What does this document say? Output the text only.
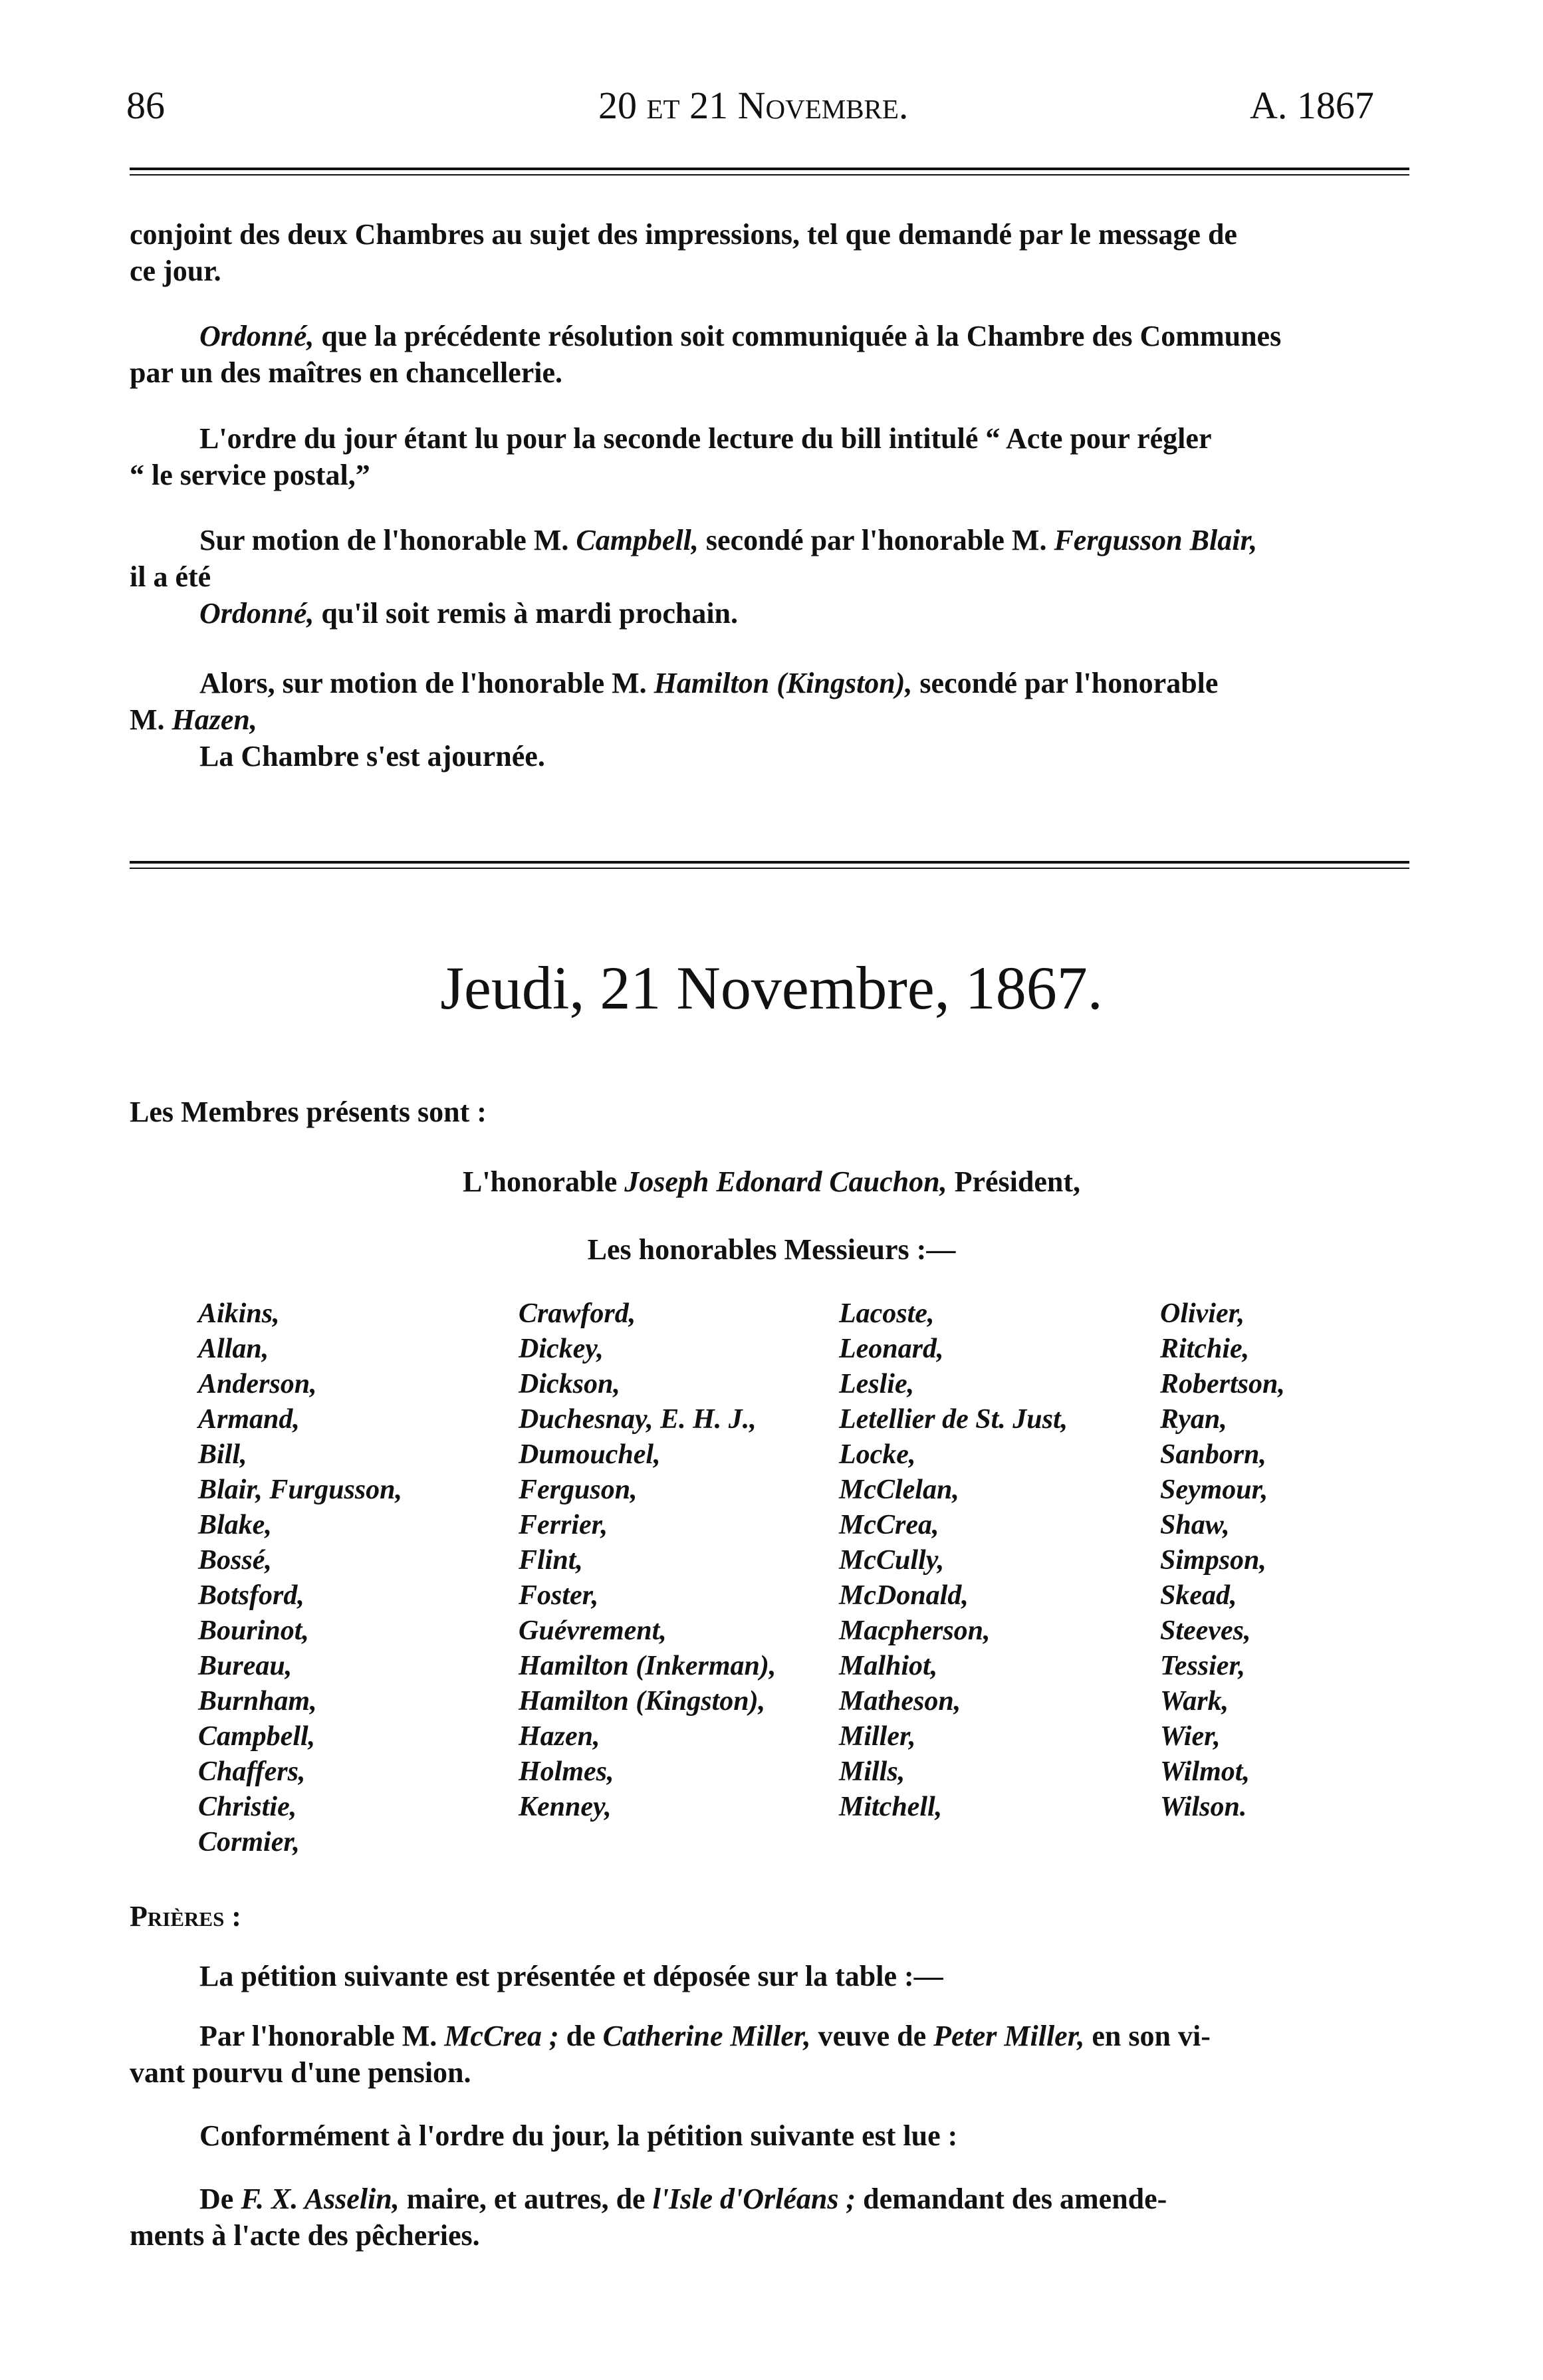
86	20 et 21 Novembre.	A. 1867
conjoint des deux Chambres au sujet des impressions, tel que demandé par le message de
ce jour.
Ordonné, que la précédente résolution soit communiquée à la Chambre des Communes
par un des maîtres en chancellerie.
L'ordre du jour étant lu pour la seconde lecture du bill intitulé “ Acte pour régler
“ le service postal,”
Sur motion de l'honorable M. Campbell, secondé par l'honorable M. Fergusson Blair,
il a été
Ordonné, qu'il soit remis à mardi prochain.
Alors, sur motion de l'honorable M. Hamilton (Kingston), secondé par l'honorable
M. Hazen,
La Chambre s'est ajournée.
Jeudi, 21 Novembre, 1867.
Les Membres présents sont :
L'honorable Joseph Edonard Cauchon, Président,
Les honorables Messieurs :—
Aikins,
Allan,
Anderson,
Armand,
Bill,
Blair, Furgusson,
Blake,
Bossé,
Botsford,
Bourinot,
Bureau,
Burnham,
Campbell,
Chaffers,
Christie,
Cormier,
Crawford,
Dickey,
Dickson,
Duchesnay, E. H. J.,
Dumouchel,
Ferguson,
Ferrier,
Flint,
Foster,
Guévrement,
Hamilton (Inkerman),
Hamilton (Kingston),
Hazen,
Holmes,
Kenney,
Lacoste,
Leonard,
Leslie,
Letellier de St. Just,
Locke,
McClelan,
McCrea,
McCully,
McDonald,
Macpherson,
Malhiot,
Matheson,
Miller,
Mills,
Mitchell,
Olivier,
Ritchie,
Robertson,
Ryan,
Sanborn,
Seymour,
Shaw,
Simpson,
Skead,
Steeves,
Tessier,
Wark,
Wier,
Wilmot,
Wilson.
Prières :
La pétition suivante est présentée et déposée sur la table :—
Par l'honorable M. McCrea ; de Catherine Miller, veuve de Peter Miller, en son vi-
vant pourvu d'une pension.
Conformément à l'ordre du jour, la pétition suivante est lue :
De F. X. Asselin, maire, et autres, de l'Isle d'Orléans ; demandant des amende-
ments à l'acte des pêcheries.
